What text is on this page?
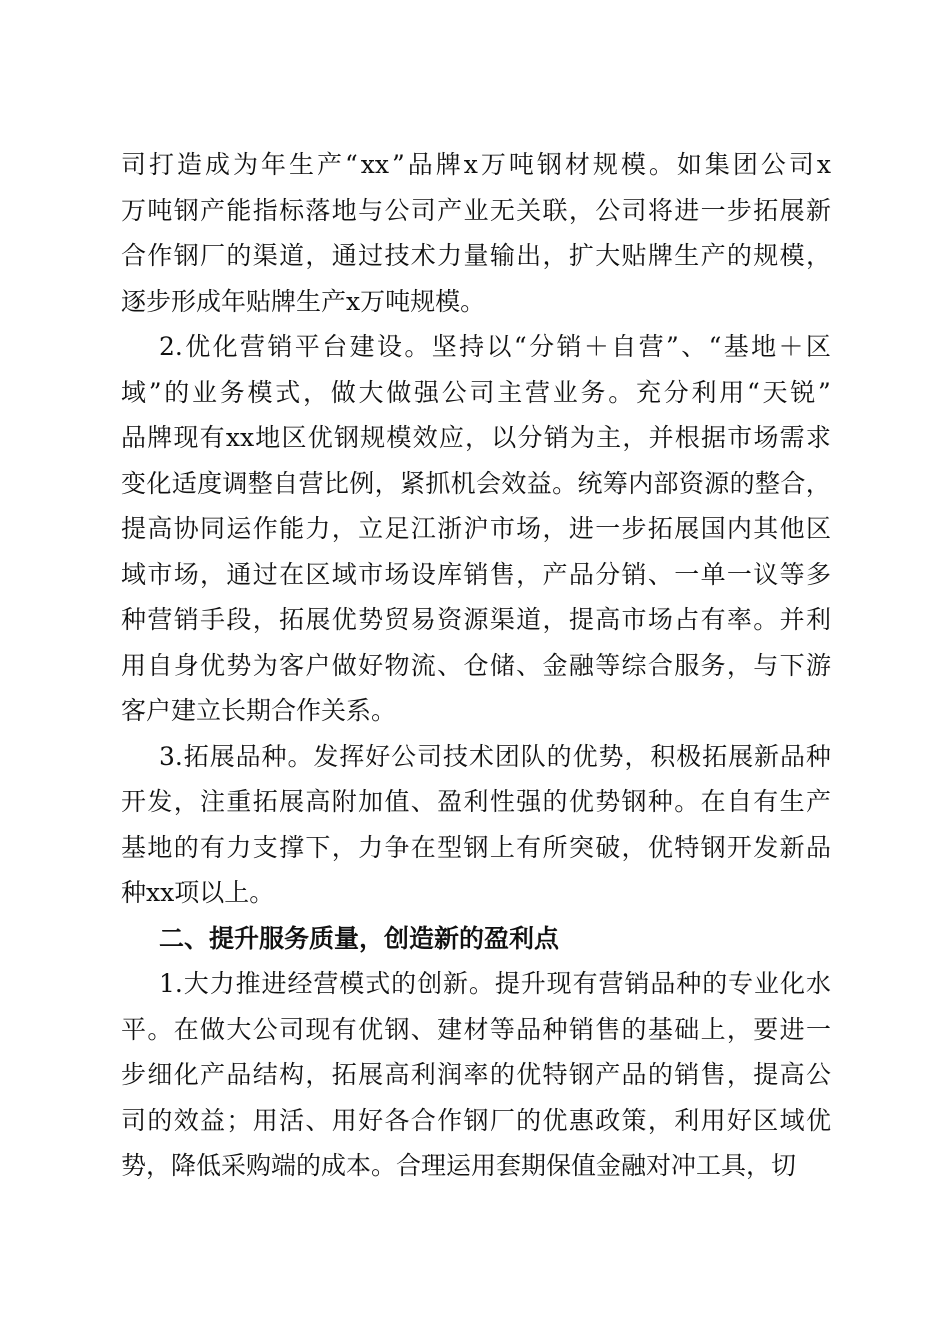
司 打 造 成 为 年 生 产 “ xx ” 品 牌 x 万 吨 钢 材 规 模 。 如 集 团 公 司 x
万 吨 钢 产 能 指 标 落 地 与 公 司 产 业 无 关 联 ， 公 司 将 进 一 步 拓 展 新
合 作 钢 厂 的 渠 道 ， 通 过 技 术 力 量 输 出 ， 扩 大 贴 牌 生 产 的 规 模 ，
逐步形成年贴牌生产x万吨规模。
2. 优 化 营 销 平 台 建 设 。 坚 持 以 “ 分 销 ＋ 自 营 ” 、 “ 基 地 ＋ 区
域 ” 的 业 务 模 式 ， 做 大 做 强 公 司 主 营 业 务 。 充 分 利 用 “ 天 锐 ”
品 牌 现 有 xx 地 区 优 钢 规 模 效 应 ， 以 分 销 为 主 ， 并 根 据 市 场 需 求
变 化 适 度 调 整 自 营 比 例 ， 紧 抓 机 会 效 益 。 统 筹 内 部 资 源 的 整 合 ，
提 高 协 同 运 作 能 力 ， 立 足 江 浙 沪 市 场 ， 进 一 步 拓 展 国 内 其 他 区
域 市 场 ， 通 过 在 区 域 市 场 设 库 销 售 ， 产 品 分 销 、 一 单 一 议 等 多
种 营 销 手 段 ， 拓 展 优 势 贸 易 资 源 渠 道 ， 提 高 市 场 占 有 率 。 并 利
用 自 身 优 势 为 客 户 做 好 物 流 、 仓 储 、 金 融 等 综 合 服 务 ， 与 下 游
客户建立长期合作关系。
3. 拓 展 品 种 。 发 挥 好 公 司 技 术 团 队 的 优 势 ， 积 极 拓 展 新 品 种
开 发 ， 注 重 拓 展 高 附 加 值 、 盈 利 性 强 的 优 势 钢 种 。 在 自 有 生 产
基 地 的 有 力 支 撑 下 ， 力 争 在 型 钢 上 有 所 突 破 ， 优 特 钢 开 发 新 品
种xx项以上。
二、提升服务质量，创造新的盈利点
1. 大 力 推 进 经 营 模 式 的 创 新 。 提 升 现 有 营 销 品 种 的 专 业 化 水
平 。 在 做 大 公 司 现 有 优 钢 、 建 材 等 品 种 销 售 的 基 础 上 ， 要 进 一
步 细 化 产 品 结 构 ， 拓 展 高 利 润 率 的 优 特 钢 产 品 的 销 售 ， 提 高 公
司 的 效 益 ； 用 活 、 用 好 各 合 作 钢 厂 的 优 惠 政 策 ， 利 用 好 区 域 优
势，降低采购端的成本。合理运用套期保值金融对冲工具，切
